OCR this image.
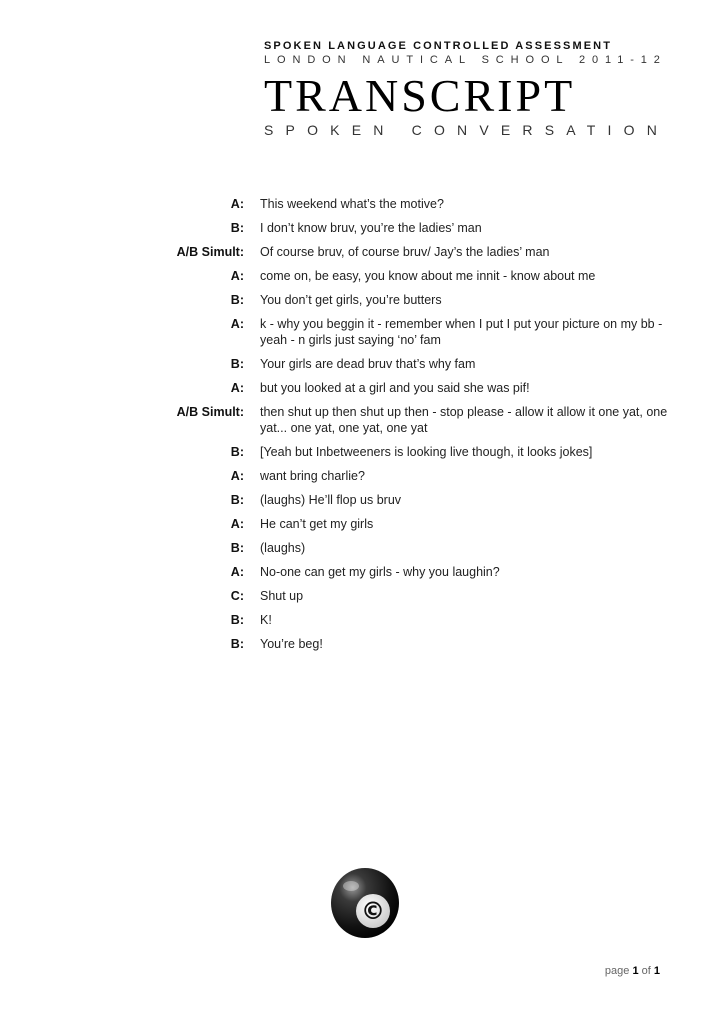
SPOKEN LANGUAGE CONTROLLED ASSESSMENT
LONDON NAUTICAL SCHOOL 2011-12
TRANSCRIPT
SPOKEN CONVERSATION
A: This weekend what’s the motive?
B: I don’t know bruv, you’re the ladies’ man
A/B Simult: Of course bruv, of course bruv/ Jay’s the ladies’ man
A: come on, be easy, you know about me innit - know about me
B: You don’t get girls, you’re butters
A: k - why you beggin it - remember when I put I put your picture on my bb - yeah - n girls just saying ‘no’ fam
B: Your girls are dead bruv that’s why fam
A: but you looked at a girl and you said she was pif!
A/B Simult: then shut up then shut up then - stop please - allow it allow it one yat, one yat... one yat, one yat, one yat
B: [Yeah but Inbetweeners is looking live though, it looks jokes]
A: want bring charlie?
B: (laughs) He’ll flop us bruv
A: He can’t get my girls
B: (laughs)
A: No-one can get my girls - why you laughin?
C: Shut up
B: K!
B: You’re beg!
©
page 1 of 1
